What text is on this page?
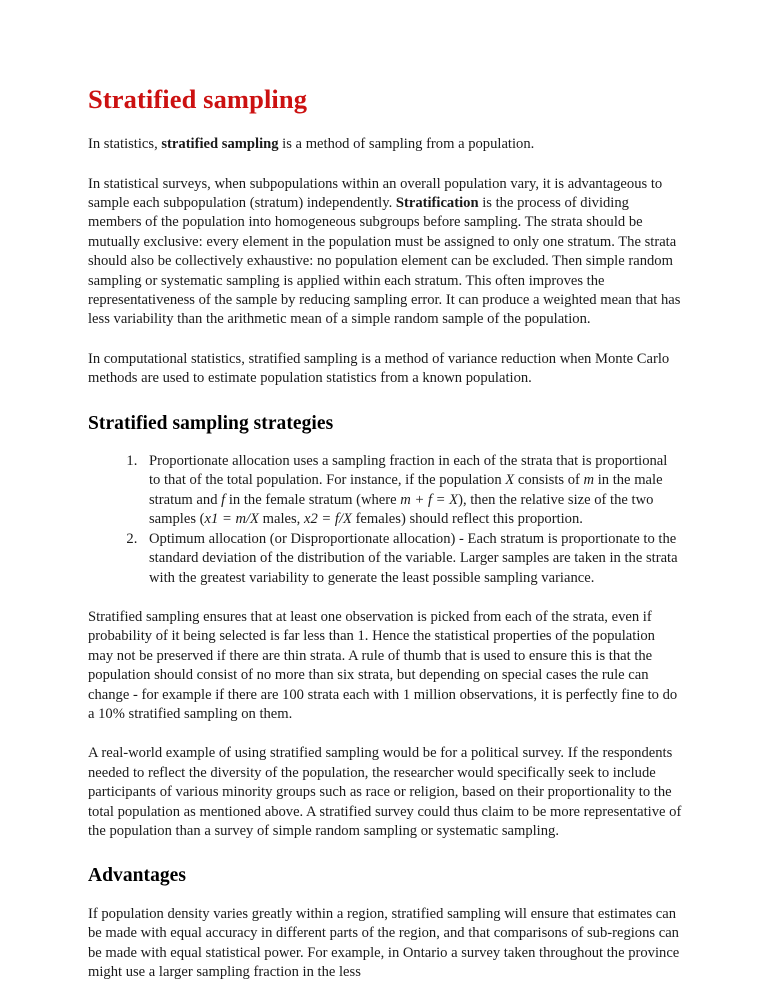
Stratified sampling

In statistics, stratified sampling is a method of sampling from a population.

In statistical surveys, when subpopulations within an overall population vary, it is advantageous to sample each subpopulation (stratum) independently. Stratification is the process of dividing members of the population into homogeneous subgroups before sampling. The strata should be mutually exclusive: every element in the population must be assigned to only one stratum. The strata should also be collectively exhaustive: no population element can be excluded. Then simple random sampling or systematic sampling is applied within each stratum. This often improves the representativeness of the sample by reducing sampling error. It can produce a weighted mean that has less variability than the arithmetic mean of a simple random sample of the population.

In computational statistics, stratified sampling is a method of variance reduction when Monte Carlo methods are used to estimate population statistics from a known population.

Stratified sampling strategies
1. Proportionate allocation uses a sampling fraction in each of the strata that is proportional to that of the total population. For instance, if the population X consists of m in the male stratum and f in the female stratum (where m + f = X), then the relative size of the two samples (x1 = m/X males, x2 = f/X females) should reflect this proportion.
2. Optimum allocation (or Disproportionate allocation) - Each stratum is proportionate to the standard deviation of the distribution of the variable. Larger samples are taken in the strata with the greatest variability to generate the least possible sampling variance.

Stratified sampling ensures that at least one observation is picked from each of the strata, even if probability of it being selected is far less than 1. Hence the statistical properties of the population may not be preserved if there are thin strata. A rule of thumb that is used to ensure this is that the population should consist of no more than six strata, but depending on special cases the rule can change - for example if there are 100 strata each with 1 million observations, it is perfectly fine to do a 10% stratified sampling on them.

A real-world example of using stratified sampling would be for a political survey. If the respondents needed to reflect the diversity of the population, the researcher would specifically seek to include participants of various minority groups such as race or religion, based on their proportionality to the total population as mentioned above. A stratified survey could thus claim to be more representative of the population than a survey of simple random sampling or systematic sampling.

Advantages

If population density varies greatly within a region, stratified sampling will ensure that estimates can be made with equal accuracy in different parts of the region, and that comparisons of sub-regions can be made with equal statistical power. For example, in Ontario a survey taken throughout the province might use a larger sampling fraction in the less
